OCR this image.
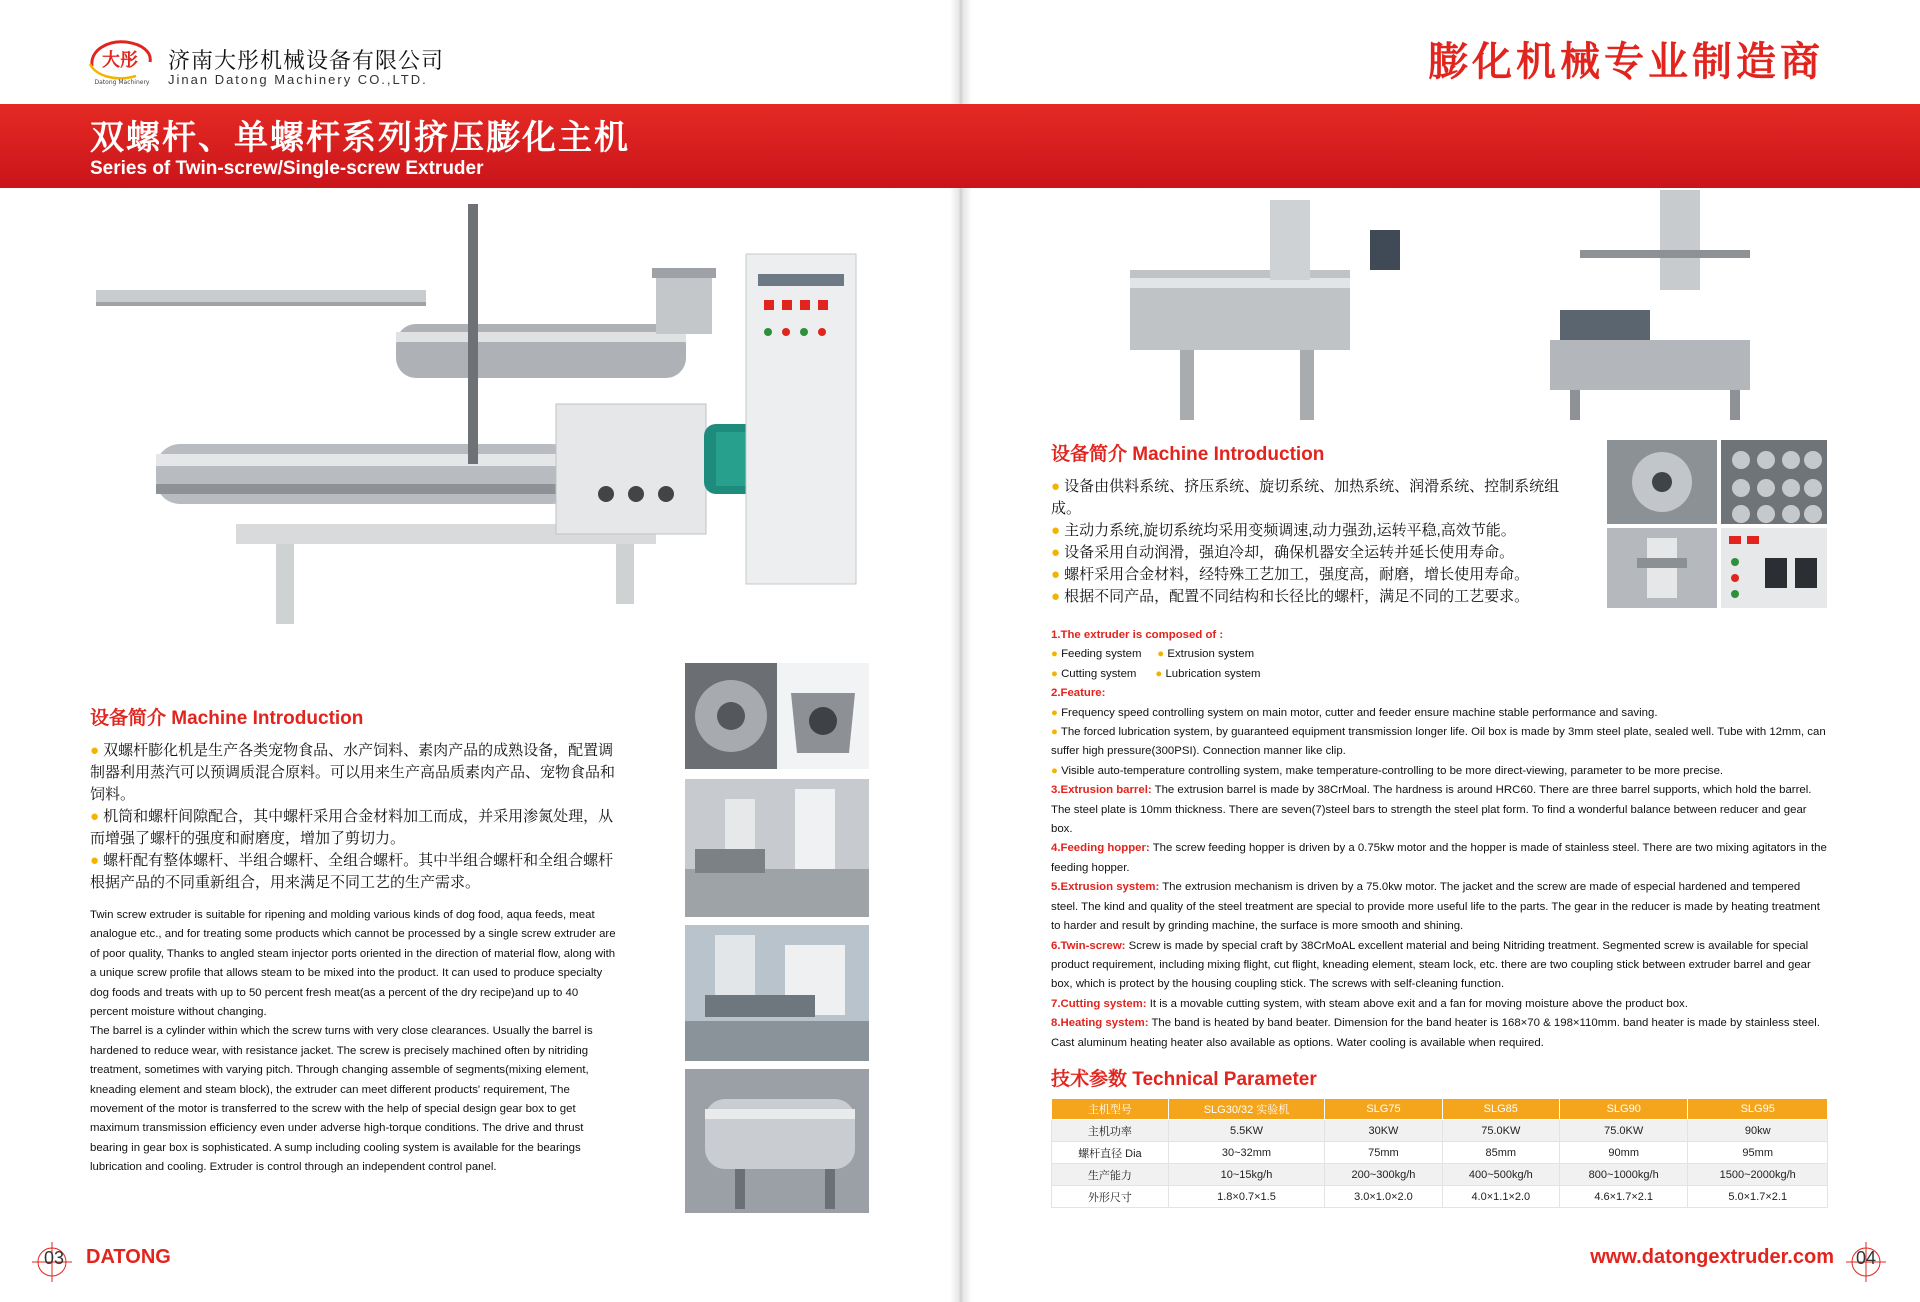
大彤
Datong Machinery
济南大彤机械设备有限公司
Jinan Datong Machinery CO.,LTD.	膨化机械专业制造商
双螺杆、单螺杆系列挤压膨化主机
Series of Twin-screw/Single-screw Extruder
设备简介 Machine Introduction

● 双螺杆膨化机是生产各类宠物食品、水产饲料、素肉产品的成熟设备，配置调制器利用蒸汽可以预调质混合原料。可以用来生产高品质素肉产品、宠物食品和饲料。

● 机筒和螺杆间隙配合，其中螺杆采用合金材料加工而成，并采用渗氮处理，从而增强了螺杆的强度和耐磨度，增加了剪切力。

● 螺杆配有整体螺杆、半组合螺杆、全组合螺杆。其中半组合螺杆和全组合螺杆根据产品的不同重新组合，用来满足不同工艺的生产需求。

Twin screw extruder is suitable for ripening and molding various kinds of dog food, aqua feeds, meat analogue etc., and for treating some products which cannot be processed by a single screw extruder are of poor quality, Thanks to angled steam injector ports oriented in the direction of material flow, along with a unique screw profile that allows steam to be mixed into the product. It can used to produce specialty dog foods and treats with up to 50 percent fresh meat(as a percent of the dry recipe)and up to 40 percent moisture without changing.

The barrel is a cylinder within which the screw turns with very close clearances. Usually the barrel is hardened to reduce wear, with resistance jacket. The screw is precisely machined often by nitriding treatment, sometimes with varying pitch. Through changing assemble of segments(mixing element, kneading element and steam block), the extruder can meet different products' requirement, The movement of the motor is transferred to the screw with the help of special design gear box to get maximum transmission efficiency even under adverse high-torque conditions. The drive and thrust bearing in gear box is sophisticated. A sump including cooling system is available for the bearings lubrication and cooling. Extruder is control through an independent control panel.

设备简介 Machine Introduction

● 设备由供料系统、挤压系统、旋切系统、加热系统、润滑系统、控制系统组成。

● 主动力系统,旋切系统均采用变频调速,动力强劲,运转平稳,高效节能。

● 设备采用自动润滑，强迫冷却，确保机器安全运转并延长使用寿命。

● 螺杆采用合金材料，经特殊工艺加工，强度高，耐磨，增长使用寿命。

● 根据不同产品，配置不同结构和长径比的螺杆，满足不同的工艺要求。

1.The extruder is composed of :

● Feeding system ● Extrusion system

● Cutting system ● Lubrication system

2.Feature:

● Frequency speed controlling system on main motor, cutter and feeder ensure machine stable performance and saving.

● The forced lubrication system, by guaranteed equipment transmission longer life. Oil box is made by 3mm steel plate, sealed well. Tube with 12mm, can suffer high pressure(300PSI). Connection manner like clip.

● Visible auto-temperature controlling system, make temperature-controlling to be more direct-viewing, parameter to be more precise.

3.Extrusion barrel: The extrusion barrel is made by 38CrMoal. The hardness is around HRC60. There are three barrel supports, which hold the barrel. The steel plate is 10mm thickness. There are seven(7)steel bars to strength the steel plat form. To find a wonderful balance between reducer and gear box.

4.Feeding hopper: The screw feeding hopper is driven by a 0.75kw motor and the hopper is made of stainless steel. There are two mixing agitators in the feeding hopper.

5.Extrusion system: The extrusion mechanism is driven by a 75.0kw motor. The jacket and the screw are made of especial hardened and tempered steel. The kind and quality of the steel treatment are special to provide more useful life to the parts. The gear in the reducer is made by heating treatment to harder and result by grinding machine, the surface is more smooth and shining.

6.Twin-screw: Screw is made by special craft by 38CrMoAL excellent material and being Nitriding treatment. Segmented screw is available for special product requirement, including mixing flight, cut flight, kneading element, steam lock, etc. there are two coupling stick between extruder barrel and gear box, which is protect by the housing coupling stick. The screws with self-cleaning function.

7.Cutting system: It is a movable cutting system, with steam above exit and a fan for moving moisture above the product box.

8.Heating system: The band is heated by band beater. Dimension for the band heater is 168×70 & 198×110mm. band heater is made by stainless steel. Cast aluminum heating heater also available as options. Water cooling is available when required.

技术参数 Technical Parameter
主机型号	SLG30/32 实验机	SLG75	SLG85	SLG90	SLG95
主机功率	5.5KW	30KW	75.0KW	75.0KW	90kw
螺杆直径 Dia	30~32mm	75mm	85mm	90mm	95mm
生产能力	10~15kg/h	200~300kg/h	400~500kg/h	800~1000kg/h	1500~2000kg/h
外形尺寸	1.8×0.7×1.5	3.0×1.0×2.0	4.0×1.1×2.0	4.6×1.7×2.1	5.0×1.7×2.1
03 DATONG	www.datongextruder.com 04
